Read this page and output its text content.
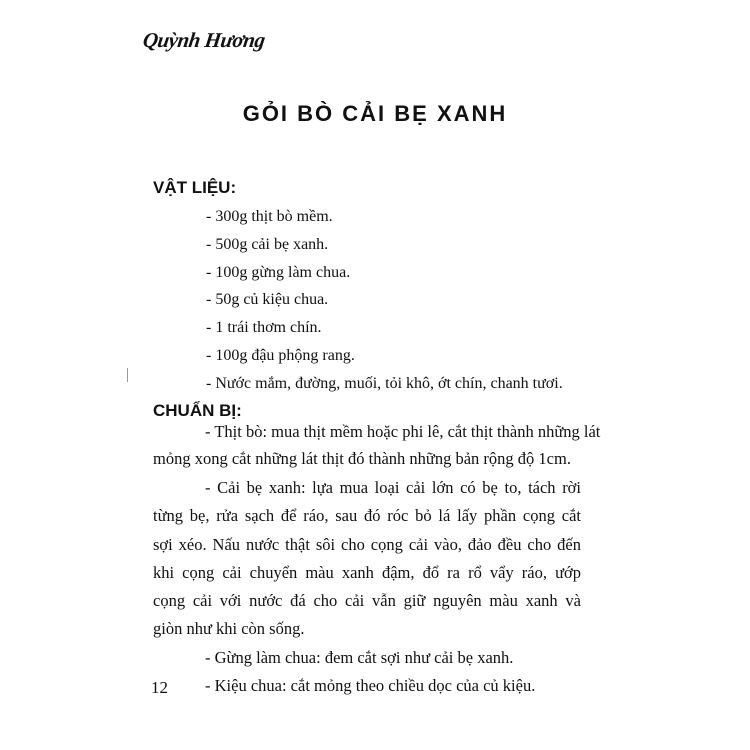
Quỳnh Hương
GỎI BÒ CẢI BẸ XANH
VẬT LIỆU:
- 300g thịt bò mềm.
- 500g cải bẹ xanh.
- 100g gừng làm chua.
- 50g củ kiệu chua.
- 1 trái thơm chín.
- 100g đậu phộng rang.
- Nước mắm, đường, muối, tỏi khô, ớt chín, chanh tươi.
CHUẨN BỊ:
- Thịt bò: mua thịt mềm hoặc phi lê, cắt thịt thành những lát
mỏng xong cắt những lát thịt đó thành những bản rộng độ 1cm.
- Cải bẹ xanh: lựa mua loại cải lớn có bẹ to, tách rời
từng bẹ, rửa sạch để ráo, sau đó róc bỏ lá lấy phần cọng cắt
sợi xéo. Nấu nước thật sôi cho cọng cải vào, đảo đều cho đến
khi cọng cải chuyển màu xanh đậm, đổ ra rổ vẩy ráo, ướp
cọng cải với nước đá cho cải vẫn giữ nguyên màu xanh và
giòn như khi còn sống.
- Gừng làm chua: đem cắt sợi như cải bẹ xanh.
- Kiệu chua: cắt mỏng theo chiều dọc của củ kiệu.
12
